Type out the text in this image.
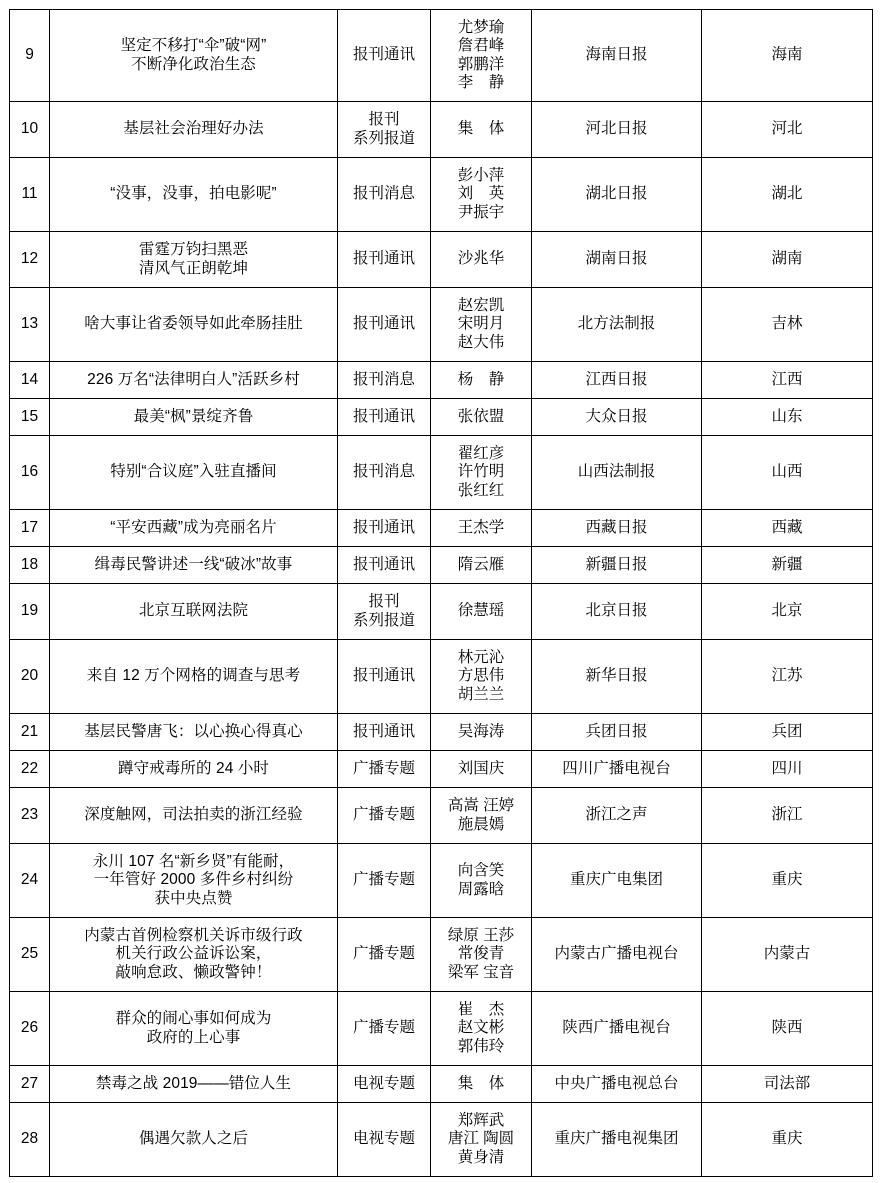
9	坚定不移打“伞”破“网”
不断净化政治生态	报刊通讯	尤梦瑜
詹君峰
郭鹏洋
李　静	海南日报	海南
10	基层社会治理好办法	报刊
系列报道	集　体	河北日报	河北
11	“没事，没事，拍电影呢”	报刊消息	彭小萍
刘　英
尹振宇	湖北日报	湖北
12	雷霆万钧扫黑恶
清风气正朗乾坤	报刊通讯	沙兆华	湖南日报	湖南
13	啥大事让省委领导如此牵肠挂肚	报刊通讯	赵宏凯
宋明月
赵大伟	北方法制报	吉林
14	226 万名“法律明白人”活跃乡村	报刊消息	杨　静	江西日报	江西
15	最美“枫”景绽齐鲁	报刊通讯	张依盟	大众日报	山东
16	特别“合议庭”入驻直播间	报刊消息	翟红彦
许竹明
张红红	山西法制报	山西
17	“平安西藏”成为亮丽名片	报刊通讯	王杰学	西藏日报	西藏
18	缉毒民警讲述一线“破冰”故事	报刊通讯	隋云雁	新疆日报	新疆
19	北京互联网法院	报刊
系列报道	徐慧瑶	北京日报	北京
20	来自 12 万个网格的调查与思考	报刊通讯	林元沁
方思伟
胡兰兰	新华日报	江苏
21	基层民警唐飞：以心换心得真心	报刊通讯	吴海涛	兵团日报	兵团
22	蹲守戒毒所的 24 小时	广播专题	刘国庆	四川广播电视台	四川
23	深度触网，司法拍卖的浙江经验	广播专题	高嵩 汪婷
施晨嫣	浙江之声	浙江
24	永川 107 名“新乡贤”有能耐，
一年管好 2000 多件乡村纠纷
获中央点赞	广播专题	向含笑
周露晗	重庆广电集团	重庆
25	内蒙古首例检察机关诉市级行政
机关行政公益诉讼案，
敲响怠政、懒政警钟！	广播专题	绿原 王莎
常俊青
梁军 宝音	内蒙古广播电视台	内蒙古
26	群众的闹心事如何成为
政府的上心事	广播专题	崔　杰
赵文彬
郭伟玲	陕西广播电视台	陕西
27	禁毒之战 2019——错位人生	电视专题	集　体	中央广播电视总台	司法部
28	偶遇欠款人之后	电视专题	郑辉武
唐江 陶圆
黄身清	重庆广播电视集团	重庆
